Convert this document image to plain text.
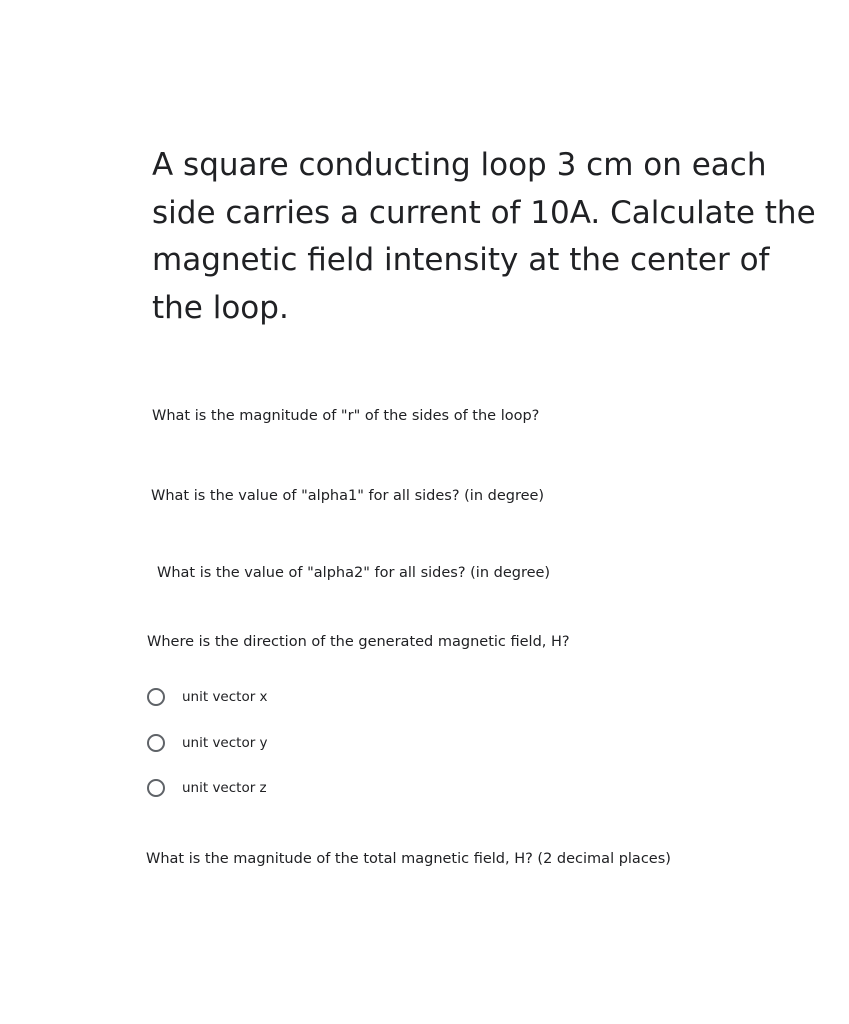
A square conducting loop 3 cm on each side carries a current of 10A. Calculate the magnetic field intensity at the center of the loop.

What is the magnitude of "r" of the sides of the loop?

What is the value of "alpha1" for all sides? (in degree)

What is the value of "alpha2" for all sides? (in degree)

Where is the direction of the generated magnetic field, H?

unit vector x
unit vector y
unit vector z

What is the magnitude of the total magnetic field, H? (2 decimal places)
